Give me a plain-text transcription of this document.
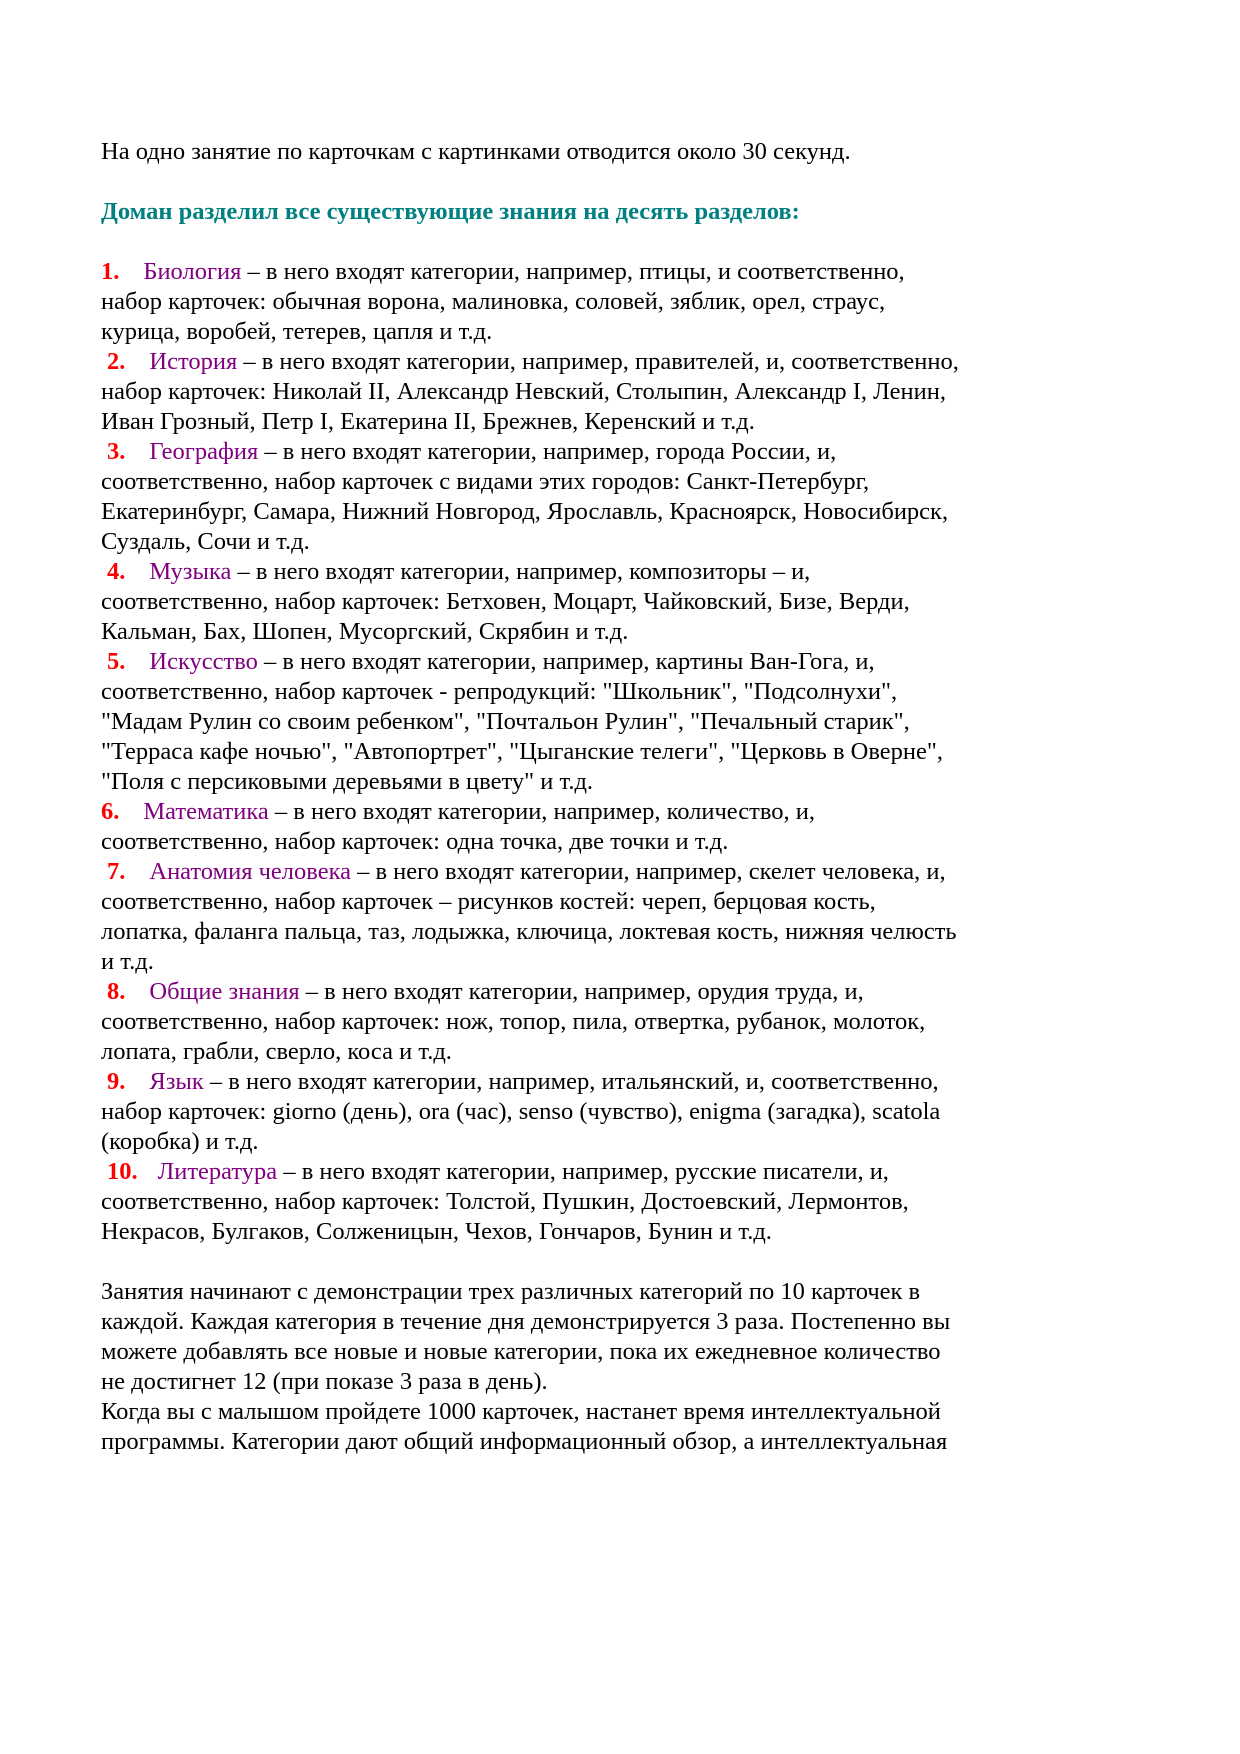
На одно занятие по карточкам с картинками отводится около 30 секунд.
Доман разделил все существующие знания на десять разделов:
1. Биология – в него входят категории, например, птицы, и соответственно,
набор карточек: обычная ворона, малиновка, соловей, зяблик, орел, страус,
курица, воробей, тетерев, цапля и т.д.
2. История – в него входят категории, например, правителей, и, соответственно,
набор карточек: Николай II, Александр Невский, Столыпин, Александр I, Ленин,
Иван Грозный, Петр I, Екатерина II, Брежнев, Керенский и т.д.
3. География – в него входят категории, например, города России, и,
соответственно, набор карточек с видами этих городов: Санкт-Петербург,
Екатеринбург, Самара, Нижний Новгород, Ярославль, Красноярск, Новосибирск,
Суздаль, Сочи и т.д.
4. Музыка – в него входят категории, например, композиторы – и,
соответственно, набор карточек: Бетховен, Моцарт, Чайковский, Бизе, Верди,
Кальман, Бах, Шопен, Мусоргский, Скрябин и т.д.
5. Искусство – в него входят категории, например, картины Ван-Гога, и,
соответственно, набор карточек - репродукций: "Школьник", "Подсолнухи",
"Мадам Рулин со своим ребенком", "Почтальон Рулин", "Печальный старик",
"Терраса кафе ночью", "Автопортрет", "Цыганские телеги", "Церковь в Оверне",
"Поля с персиковыми деревьями в цвету" и т.д.
6. Математика – в него входят категории, например, количество, и,
соответственно, набор карточек: одна точка, две точки и т.д.
7. Анатомия человека – в него входят категории, например, скелет человека, и,
соответственно, набор карточек – рисунков костей: череп, берцовая кость,
лопатка, фаланга пальца, таз, лодыжка, ключица, локтевая кость, нижняя челюсть
и т.д.
8. Общие знания – в него входят категории, например, орудия труда, и,
соответственно, набор карточек: нож, топор, пила, отвертка, рубанок, молоток,
лопата, грабли, сверло, коса и т.д.
9. Язык – в него входят категории, например, итальянский, и, соответственно,
набор карточек: giorno (день), ora (час), senso (чувство), enigma (загадка), scatola
(коробка) и т.д.
10. Литература – в него входят категории, например, русские писатели, и,
соответственно, набор карточек: Толстой, Пушкин, Достоевский, Лермонтов,
Некрасов, Булгаков, Солженицын, Чехов, Гончаров, Бунин и т.д.
Занятия начинают с демонстрации трех различных категорий по 10 карточек в
каждой. Каждая категория в течение дня демонстрируется 3 раза. Постепенно вы
можете добавлять все новые и новые категории, пока их ежедневное количество
не достигнет 12 (при показе 3 раза в день).
Когда вы с малышом пройдете 1000 карточек, настанет время интеллектуальной
программы. Категории дают общий информационный обзор, а интеллектуальная
